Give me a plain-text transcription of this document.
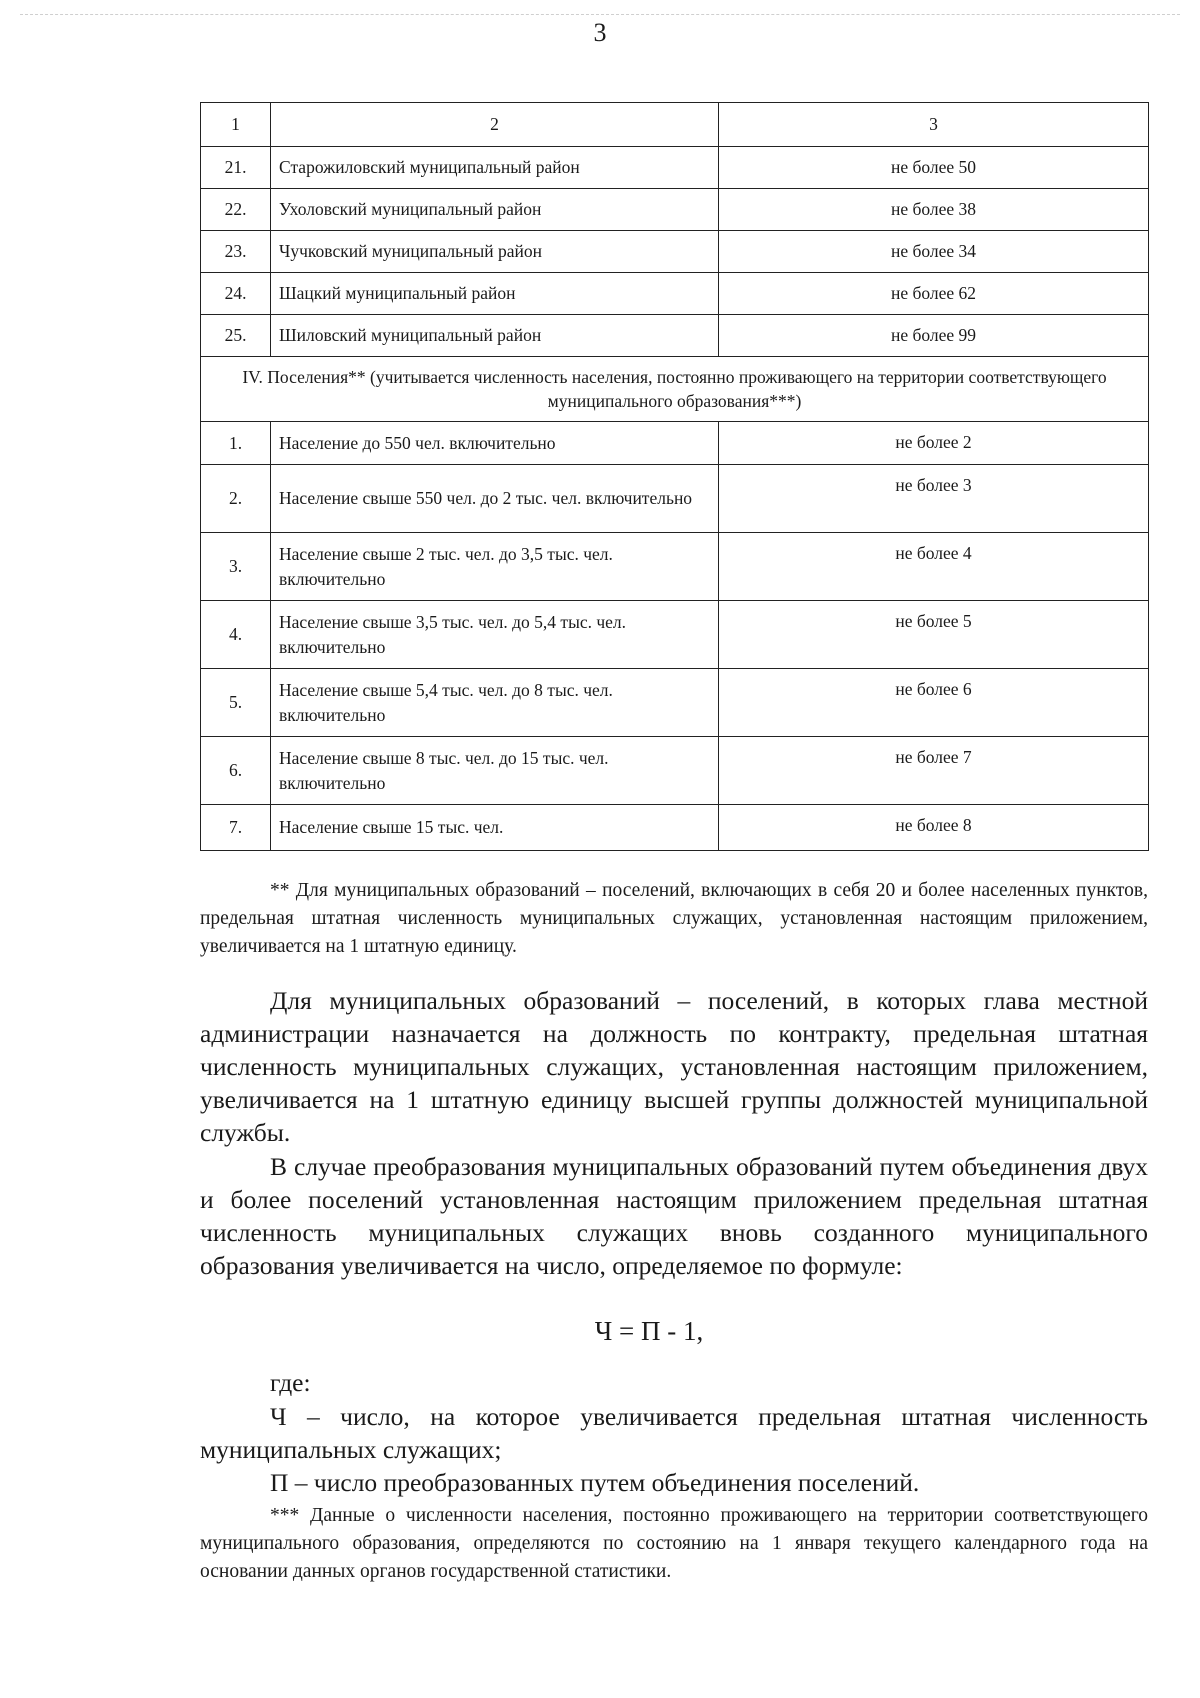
3
1	2	3
21.	Старожиловский муниципальный район	не более 50
22.	Ухоловский муниципальный район	не более 38
23.	Чучковский муниципальный район	не более 34
24.	Шацкий муниципальный район	не более 62
25.	Шиловский муниципальный район	не более 99
IV. Поселения** (учитывается численность населения, постоянно проживающего на территории соответствующего муниципального образования***)		
1.	Население до 550 чел. включительно	не более 2
2.	Население свыше 550 чел. до 2 тыс. чел. включительно	не более 3
3.	Население свыше 2 тыс. чел. до 3,5 тыс. чел. включительно	не более 4
4.	Население свыше 3,5 тыс. чел. до 5,4 тыс. чел. включительно	не более 5
5.	Население свыше 5,4 тыс. чел. до 8 тыс. чел. включительно	не более 6
6.	Население свыше 8 тыс. чел. до 15 тыс. чел. включительно	не более 7
7.	Население свыше 15 тыс. чел.	не более 8
** Для муниципальных образований – поселений, включающих в себя 20 и более населенных пунктов, предельная штатная численность муниципальных служащих, установленная настоящим приложением, увеличивается на 1 штатную единицу.
Для муниципальных образований – поселений, в которых глава местной администрации назначается на должность по контракту, предельная штатная численность муниципальных служащих, установленная настоящим приложением, увеличивается на 1 штатную единицу высшей группы должностей муниципальной службы.
В случае преобразования муниципальных образований путем объединения двух и более поселений установленная настоящим приложением предельная штатная численность муниципальных служащих вновь созданного муниципального образования увеличивается на число, определяемое по формуле:
Ч = П - 1,
где:
Ч – число, на которое увеличивается предельная штатная численность муниципальных служащих;
П – число преобразованных путем объединения поселений.
*** Данные о численности населения, постоянно проживающего на территории соответствующего муниципального образования, определяются по состоянию на 1 января текущего календарного года на основании данных органов государственной статистики.
